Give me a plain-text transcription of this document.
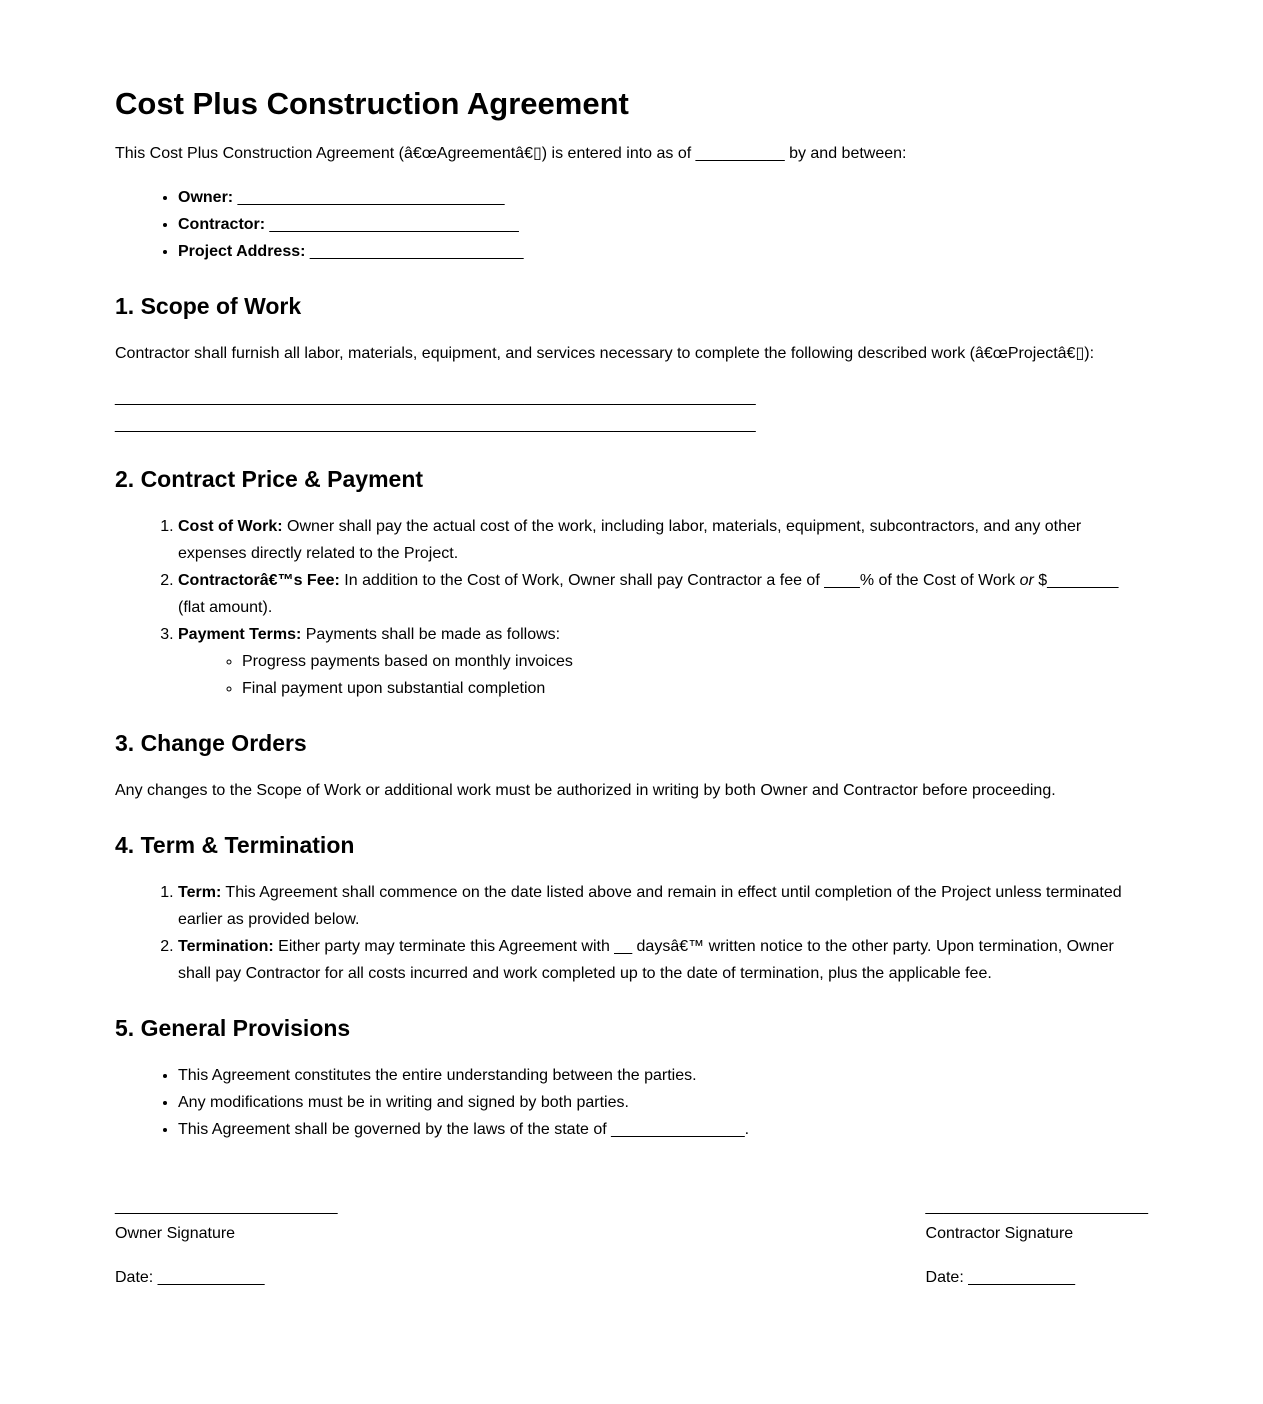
Cost Plus Construction Agreement

This Cost Plus Construction Agreement (â€œAgreementâ€▯) is entered into as of __________ by and between:

• Owner: ______________________________
• Contractor: ____________________________
• Project Address: ________________________
1. Scope of Work

Contractor shall furnish all labor, materials, equipment, and services necessary to complete the following described work (â€œProjectâ€▯):

________________________________________________________________________
________________________________________________________________________
2. Contract Price & Payment
1. Cost of Work: Owner shall pay the actual cost of the work, including labor, materials, equipment, subcontractors, and any other expenses directly related to the Project.
2. Contractorâ€™s Fee: In addition to the Cost of Work, Owner shall pay Contractor a fee of ____% of the Cost of Work or $________ (flat amount).
3. Payment Terms: Payments shall be made as follows:
◦ Progress payments based on monthly invoices
◦ Final payment upon substantial completion
3. Change Orders

Any changes to the Scope of Work or additional work must be authorized in writing by both Owner and Contractor before proceeding.

4. Term & Termination
1. Term: This Agreement shall commence on the date listed above and remain in effect until completion of the Project unless terminated earlier as provided below.
2. Termination: Either party may terminate this Agreement with __ daysâ€™ written notice to the other party. Upon termination, Owner shall pay Contractor for all costs incurred and work completed up to the date of termination, plus the applicable fee.
5. General Provisions
• This Agreement constitutes the entire understanding between the parties.
• Any modifications must be in writing and signed by both parties.
• This Agreement shall be governed by the laws of the state of _______________.
_________________________
Owner Signature

Date: ____________

_________________________
Contractor Signature

Date: ____________
